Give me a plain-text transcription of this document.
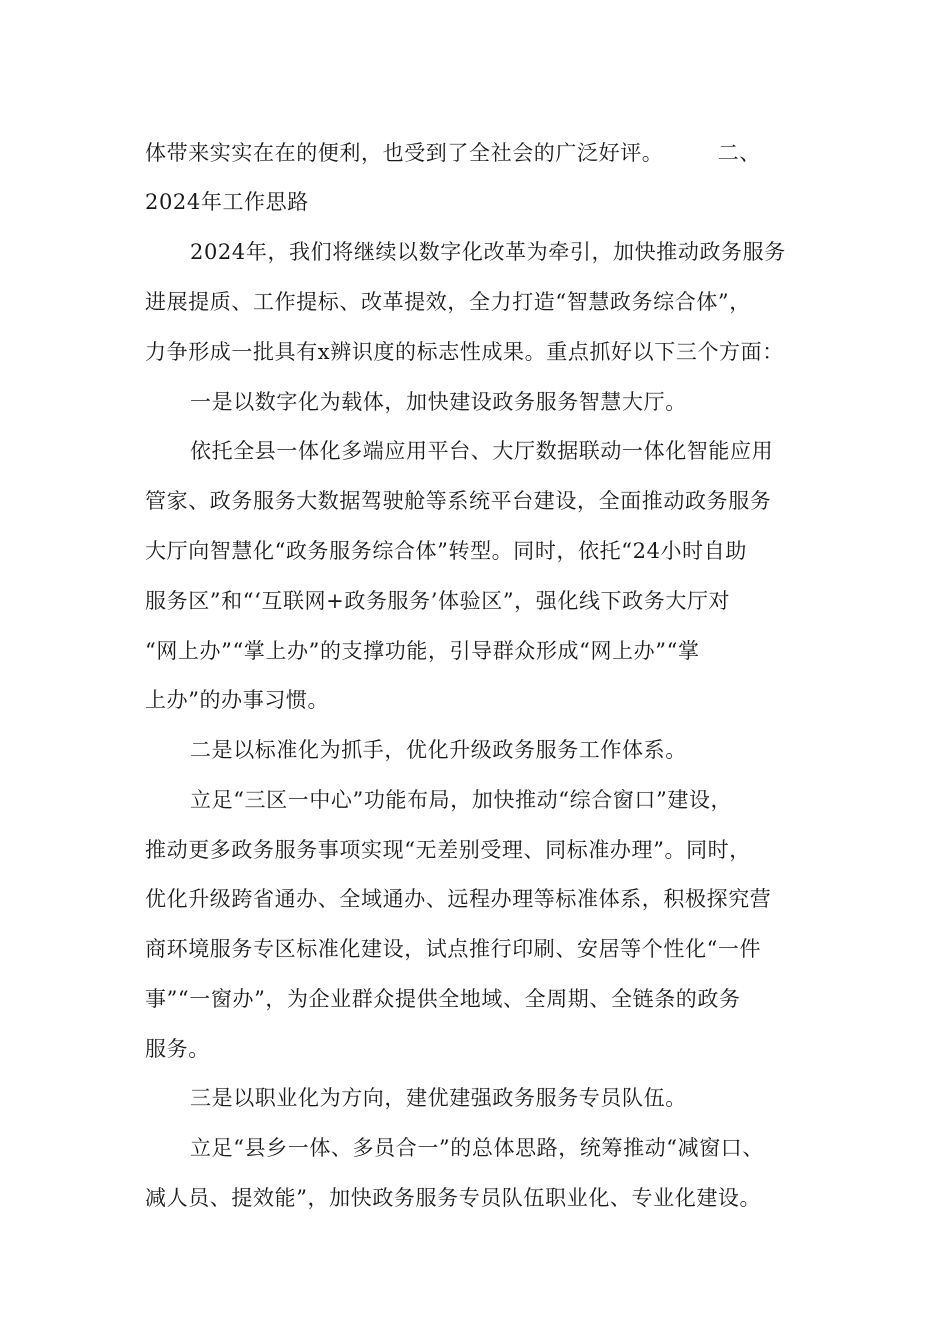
体带来实实在在的便利，也受到了全社会的广泛好评。　　　二、
2024年工作思路
2024年，我们将继续以数字化改革为牵引，加快推动政务服务
进展提质、工作提标、改革提效，全力打造“智慧政务综合体”，
力争形成一批具有x辨识度的标志性成果。重点抓好以下三个方面：
一是以数字化为载体，加快建设政务服务智慧大厅。
依托全县一体化多端应用平台、大厅数据联动一体化智能应用
管家、政务服务大数据驾驶舱等系统平台建设，全面推动政务服务
大厅向智慧化“政务服务综合体”转型。同时，依托“24小时自助
服务区”和“‘互联网+政务服务’体验区”，强化线下政务大厅对
“网上办”“掌上办”的支撑功能，引导群众形成“网上办”“掌
上办”的办事习惯。
二是以标准化为抓手，优化升级政务服务工作体系。
立足“三区一中心”功能布局，加快推动“综合窗口”建设，
推动更多政务服务事项实现“无差别受理、同标准办理”。同时，
优化升级跨省通办、全域通办、远程办理等标准体系，积极探究营
商环境服务专区标准化建设，试点推行印刷、安居等个性化“一件
事”“一窗办”，为企业群众提供全地域、全周期、全链条的政务
服务。
三是以职业化为方向，建优建强政务服务专员队伍。
立足“县乡一体、多员合一”的总体思路，统筹推动“减窗口、
减人员、提效能”，加快政务服务专员队伍职业化、专业化建设。
